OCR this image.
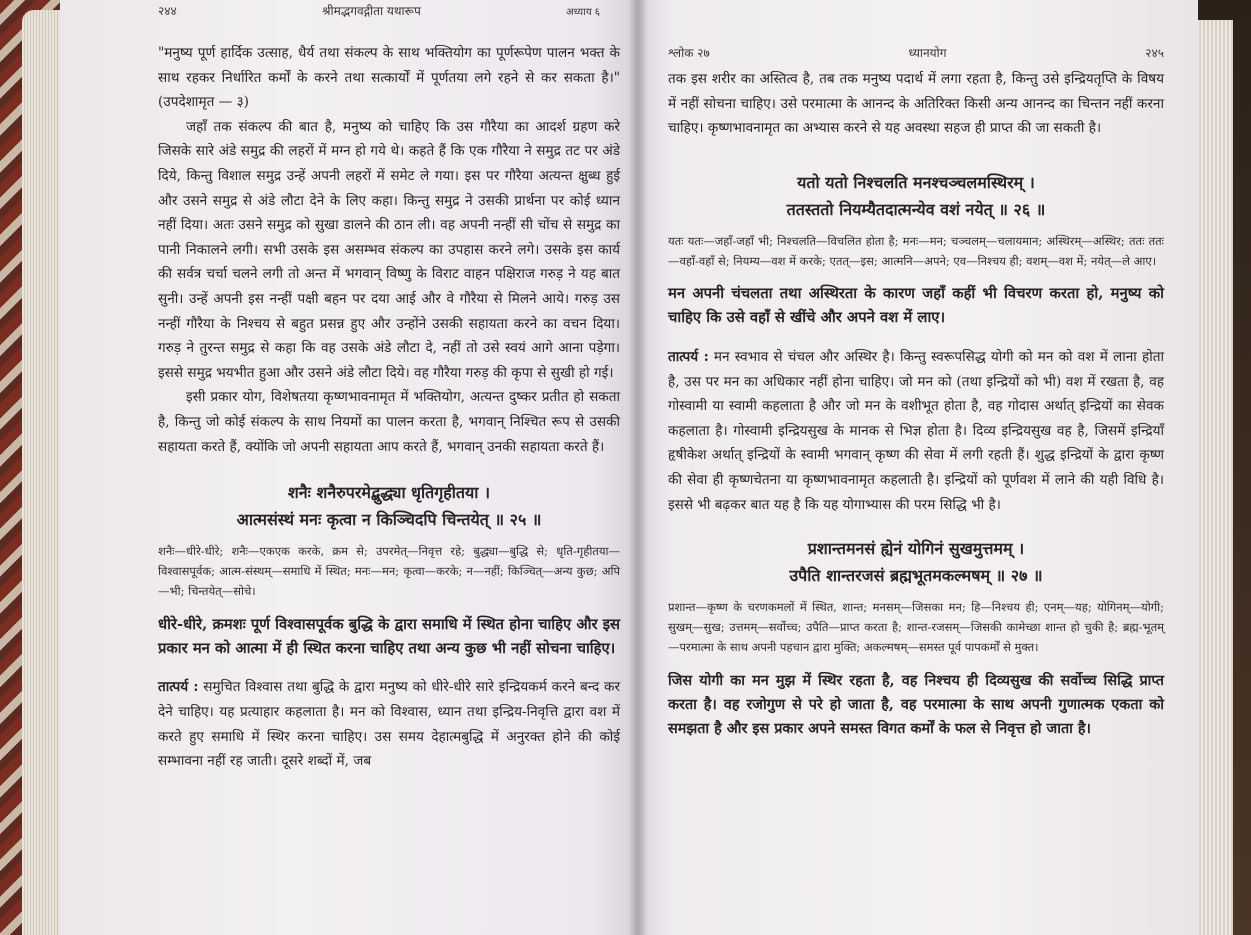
२४४	श्रीमद्भगवद्गीता यथारूप	अध्याय ६

"मनुष्य पूर्ण हार्दिक उत्साह, धैर्य तथा संकल्प के साथ भक्तियोग का पूर्णरूपेण पालन भक्त के साथ रहकर निर्धारित कर्मों के करने तथा सत्कार्यों में पूर्णतया लगे रहने से कर सकता है।" (उपदेशामृत — ३)

जहाँ तक संकल्प की बात है, मनुष्य को चाहिए कि उस गौरैया का आदर्श ग्रहण करे जिसके सारे अंडे समुद्र की लहरों में मग्न हो गये थे। कहते हैं कि एक गौरैया ने समुद्र तट पर अंडे दिये, किन्तु विशाल समुद्र उन्हें अपनी लहरों में समेट ले गया। इस पर गौरैया अत्यन्त क्षुब्ध हुई और उसने समुद्र से अंडे लौटा देने के लिए कहा। किन्तु समुद्र ने उसकी प्रार्थना पर कोई ध्यान नहीं दिया। अतः उसने समुद्र को सुखा डालने की ठान ली। वह अपनी नन्हीं सी चोंच से समुद्र का पानी निकालने लगी। सभी उसके इस असम्भव संकल्प का उपहास करने लगे। उसके इस कार्य की सर्वत्र चर्चा चलने लगी तो अन्त में भगवान् विष्णु के विराट वाहन पक्षिराज गरुड़ ने यह बात सुनी। उन्हें अपनी इस नन्हीं पक्षी बहन पर दया आई और वे गौरैया से मिलने आये। गरुड़ उस नन्हीं गौरैया के निश्चय से बहुत प्रसन्न हुए और उन्होंने उसकी सहायता करने का वचन दिया। गरुड़ ने तुरन्त समुद्र से कहा कि वह उसके अंडे लौटा दे, नहीं तो उसे स्वयं आगे आना पड़ेगा। इससे समुद्र भयभीत हुआ और उसने अंडे लौटा दिये। वह गौरैया गरुड़ की कृपा से सुखी हो गई।

इसी प्रकार योग, विशेषतया कृष्णभावनामृत में भक्तियोग, अत्यन्त दुष्कर प्रतीत हो सकता है, किन्तु जो कोई संकल्प के साथ नियमों का पालन करता है, भगवान् निश्चित रूप से उसकी सहायता करते हैं, क्योंकि जो अपनी सहायता आप करते हैं, भगवान् उनकी सहायता करते हैं।

शनैः शनैरुपरमेद्बुद्ध्या धृतिगृहीतया ।

आत्मसंस्थं मनः कृत्वा न किञ्चिदपि चिन्तयेत् ॥ २५ ॥

शनैः—धीरे-धीरे; शनैः—एकएक करके, क्रम से; उपरमेत्—निवृत्त रहे; बुद्ध्या—बुद्धि से; धृति-गृहीतया—विश्वासपूर्वक; आत्म-संस्थम्—समाधि में स्थित; मनः—मन; कृत्वा—करके; न—नहीं; किञ्चित्—अन्य कुछ; अपि—भी; चिन्तयेत्—सोचे।

धीरे-धीरे, क्रमशः पूर्ण विश्वासपूर्वक बुद्धि के द्वारा समाधि में स्थित होना चाहिए और इस प्रकार मन को आत्मा में ही स्थित करना चाहिए तथा अन्य कुछ भी नहीं सोचना चाहिए।

तात्पर्य : समुचित विश्वास तथा बुद्धि के द्वारा मनुष्य को धीरे-धीरे सारे इन्द्रियकर्म करने बन्द कर देने चाहिए। यह प्रत्याहार कहलाता है। मन को विश्वास, ध्यान तथा इन्द्रिय-निवृत्ति द्वारा वश में करते हुए समाधि में स्थिर करना चाहिए। उस समय देहात्मबुद्धि में अनुरक्त होने की कोई सम्भावना नहीं रह जाती। दूसरे शब्दों में, जब

श्लोक २७	ध्यानयोग	२४५

तक इस शरीर का अस्तित्व है, तब तक मनुष्य पदार्थ में लगा रहता है, किन्तु उसे इन्द्रियतृप्ति के विषय में नहीं सोचना चाहिए। उसे परमात्मा के आनन्द के अतिरिक्त किसी अन्य आनन्द का चिन्तन नहीं करना चाहिए। कृष्णभावनामृत का अभ्यास करने से यह अवस्था सहज ही प्राप्त की जा सकती है।

यतो यतो निश्चलति मनश्चञ्चलमस्थिरम् ।

ततस्ततो नियम्यैतदात्मन्येव वशं नयेत् ॥ २६ ॥

यतः यतः—जहाँ-जहाँ भी; निश्चलति—विचलित होता है; मनः—मन; चञ्चलम्—चलायमान; अस्थिरम्—अस्थिर; ततः ततः—वहाँ-वहाँ से; नियम्य—वश में करके; एतत्—इस; आत्मनि—अपने; एव—निश्चय ही; वशम्—वश में; नयेत्—ले आए।

मन अपनी चंचलता तथा अस्थिरता के कारण जहाँ कहीं भी विचरण करता हो, मनुष्य को चाहिए कि उसे वहाँ से खींचे और अपने वश में लाए।

तात्पर्य : मन स्वभाव से चंचल और अस्थिर है। किन्तु स्वरूपसिद्ध योगी को मन को वश में लाना होता है, उस पर मन का अधिकार नहीं होना चाहिए। जो मन को (तथा इन्द्रियों को भी) वश में रखता है, वह गोस्वामी या स्वामी कहलाता है और जो मन के वशीभूत होता है, वह गोदास अर्थात् इन्द्रियों का सेवक कहलाता है। गोस्वामी इन्द्रियसुख के मानक से भिज्ञ होता है। दिव्य इन्द्रियसुख वह है, जिसमें इन्द्रियाँ हृषीकेश अर्थात् इन्द्रियों के स्वामी भगवान् कृष्ण की सेवा में लगी रहती हैं। शुद्ध इन्द्रियों के द्वारा कृष्ण की सेवा ही कृष्णचेतना या कृष्णभावनामृत कहलाती है। इन्द्रियों को पूर्णवश में लाने की यही विधि है। इससे भी बढ़कर बात यह है कि यह योगाभ्यास की परम सिद्धि भी है।

प्रशान्तमनसं ह्येनं योगिनं सुखमुत्तमम् ।

उपैति शान्तरजसं ब्रह्मभूतमकल्मषम् ॥ २७ ॥

प्रशान्त—कृष्ण के चरणकमलों में स्थित, शान्त; मनसम्—जिसका मन; हि—निश्चय ही; एनम्—यह; योगिनम्—योगी; सुखम्—सुख; उत्तमम्—सर्वोच्च; उपैति—प्राप्त करता है; शान्त-रजसम्—जिसकी कामेच्छा शान्त हो चुकी है; ब्रह्म-भूतम्—परमात्मा के साथ अपनी पहचान द्वारा मुक्ति; अकल्मषम्—समस्त पूर्व पापकर्मों से मुक्त।

जिस योगी का मन मुझ में स्थिर रहता है, वह निश्चय ही दिव्यसुख की सर्वोच्च सिद्धि प्राप्त करता है। वह रजोगुण से परे हो जाता है, वह परमात्मा के साथ अपनी गुणात्मक एकता को समझता है और इस प्रकार अपने समस्त विगत कर्मों के फल से निवृत्त हो जाता है।
